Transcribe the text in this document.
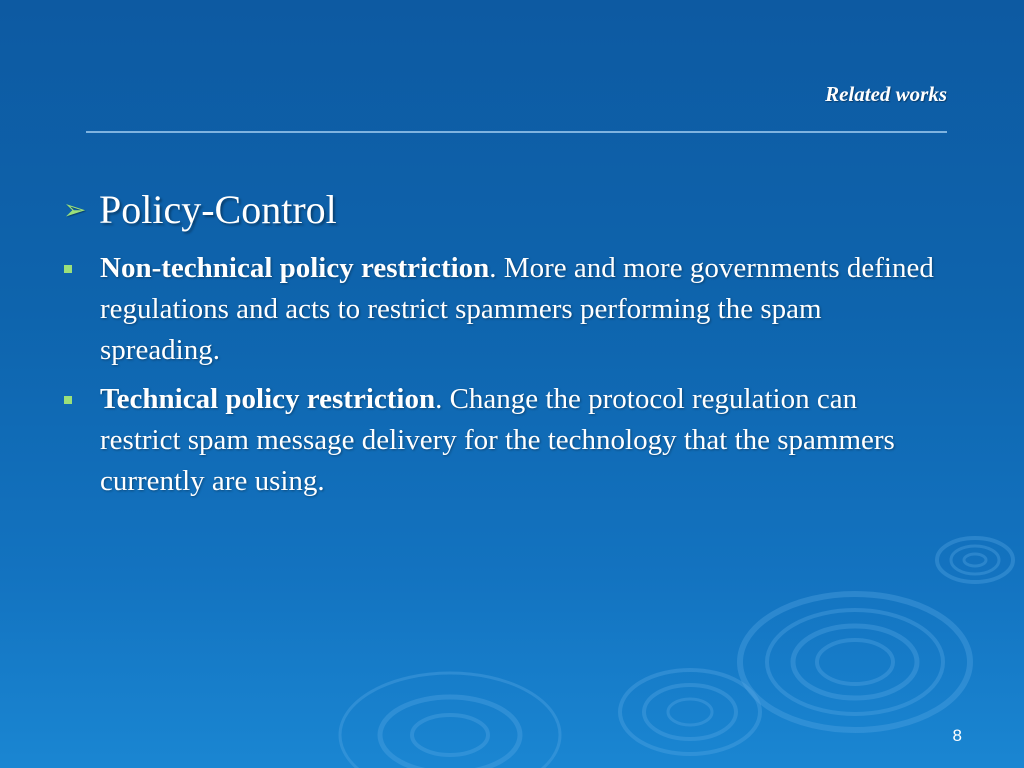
Related works
➢ Policy-Control
Non-technical policy restriction. More and more governments defined regulations and acts to restrict spammers performing the spam spreading.
Technical policy restriction. Change the protocol regulation can restrict spam message delivery for the technology that the spammers currently are using.
8
